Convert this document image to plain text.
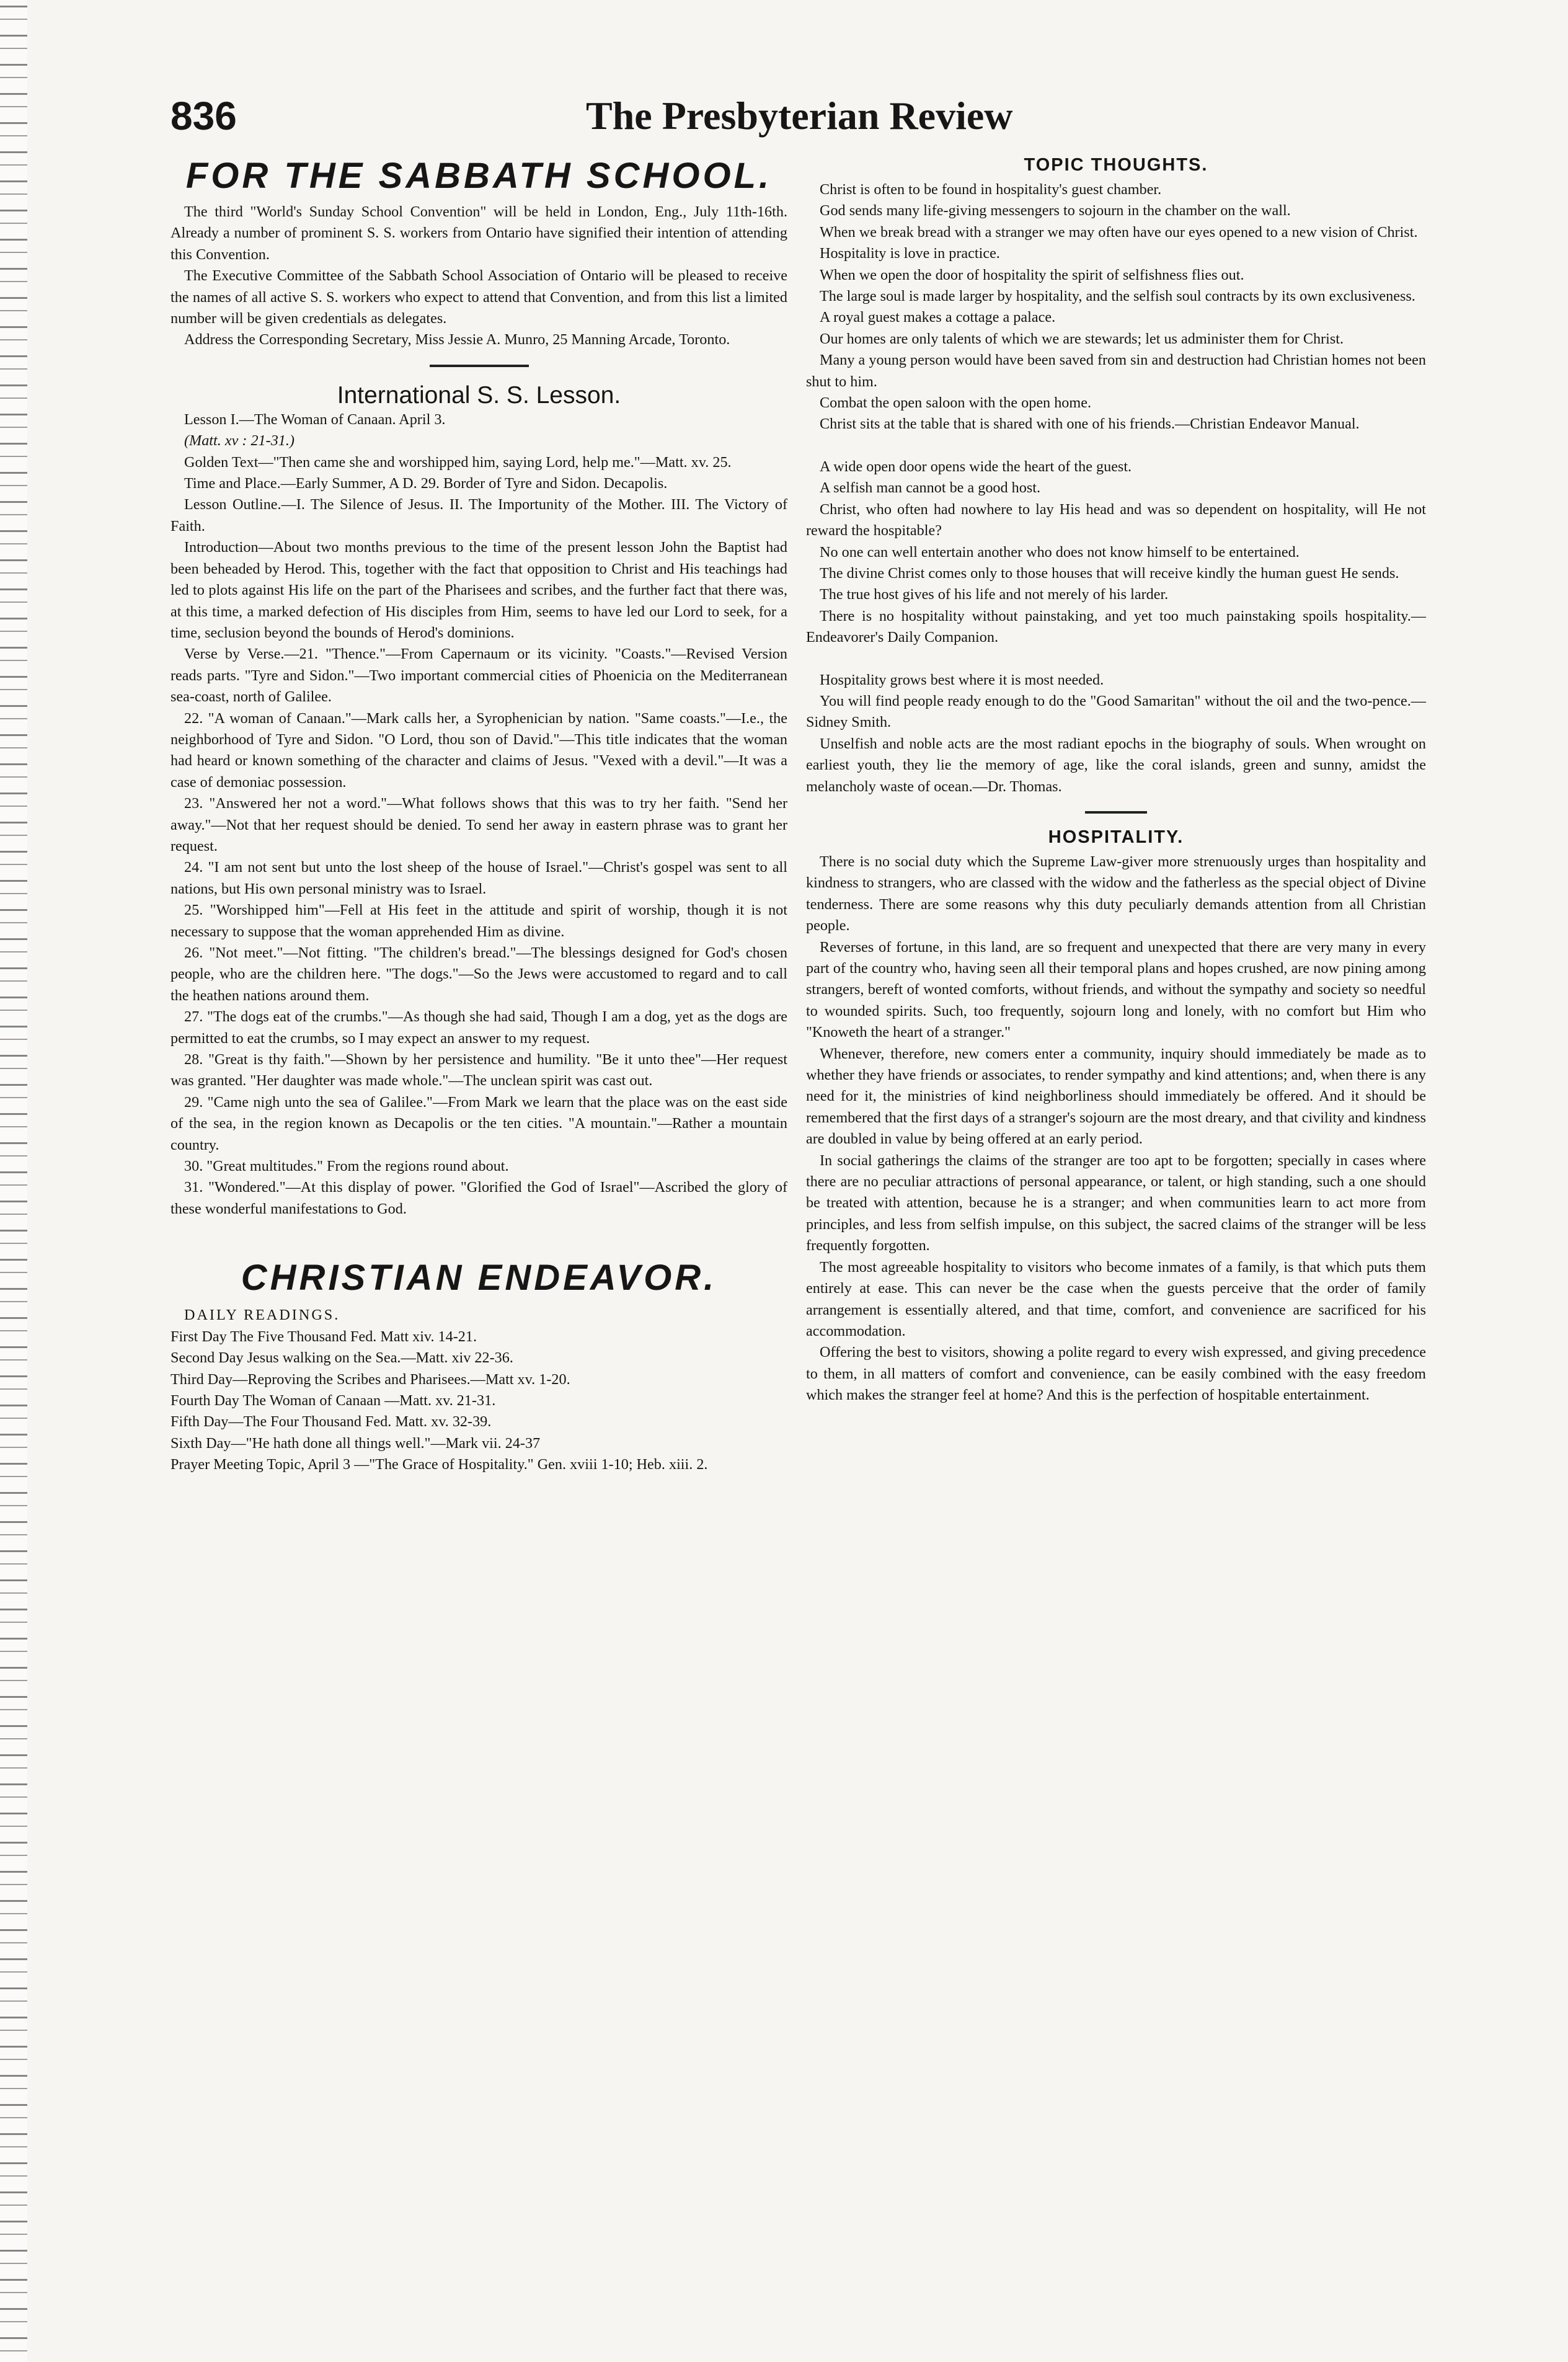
836	The Presbyterian Review
FOR THE SABBATH SCHOOL.

The third "World's Sunday School Convention" will be held in London, Eng., July 11th-16th. Already a number of prominent S. S. workers from Ontario have signified their intention of attending this Convention.

The Executive Committee of the Sabbath School Association of Ontario will be pleased to receive the names of all active S. S. workers who expect to attend that Convention, and from this list a limited number will be given credentials as delegates.

Address the Corresponding Secretary, Miss Jessie A. Munro, 25 Manning Arcade, Toronto.

International S. S. Lesson.

Lesson I.—The Woman of Canaan. April 3.

(Matt. xv : 21-31.)

Golden Text—"Then came she and worshipped him, saying Lord, help me."—Matt. xv. 25.

Time and Place.—Early Summer, A D. 29. Border of Tyre and Sidon. Decapolis.

Lesson Outline.—I. The Silence of Jesus. II. The Importunity of the Mother. III. The Victory of Faith.

Introduction—About two months previous to the time of the present lesson John the Baptist had been beheaded by Herod. This, together with the fact that opposition to Christ and His teachings had led to plots against His life on the part of the Pharisees and scribes, and the further fact that there was, at this time, a marked defection of His disciples from Him, seems to have led our Lord to seek, for a time, seclusion beyond the bounds of Herod's dominions.

Verse by Verse.—21. "Thence."—From Capernaum or its vicinity. "Coasts."—Revised Version reads parts. "Tyre and Sidon."—Two important commercial cities of Phoenicia on the Mediterranean sea-coast, north of Galilee.

22. "A woman of Canaan."—Mark calls her, a Syrophenician by nation. "Same coasts."—I.e., the neighborhood of Tyre and Sidon. "O Lord, thou son of David."—This title indicates that the woman had heard or known something of the character and claims of Jesus. "Vexed with a devil."—It was a case of demoniac possession.

23. "Answered her not a word."—What follows shows that this was to try her faith. "Send her away."—Not that her request should be denied. To send her away in eastern phrase was to grant her request.

24. "I am not sent but unto the lost sheep of the house of Israel."—Christ's gospel was sent to all nations, but His own personal ministry was to Israel.

25. "Worshipped him"—Fell at His feet in the attitude and spirit of worship, though it is not necessary to suppose that the woman apprehended Him as divine.

26. "Not meet."—Not fitting. "The children's bread."—The blessings designed for God's chosen people, who are the children here. "The dogs."—So the Jews were accustomed to regard and to call the heathen nations around them.

27. "The dogs eat of the crumbs."—As though she had said, Though I am a dog, yet as the dogs are permitted to eat the crumbs, so I may expect an answer to my request.

28. "Great is thy faith."—Shown by her persistence and humility. "Be it unto thee"—Her request was granted. "Her daughter was made whole."—The unclean spirit was cast out.

29. "Came nigh unto the sea of Galilee."—From Mark we learn that the place was on the east side of the sea, in the region known as Decapolis or the ten cities. "A mountain."—Rather a mountain country.

30. "Great multitudes." From the regions round about.

31. "Wondered."—At this display of power. "Glorified the God of Israel"—Ascribed the glory of these wonderful manifestations to God.

CHRISTIAN ENDEAVOR.

DAILY READINGS.

First Day The Five Thousand Fed. Matt xiv. 14-21.
Second Day Jesus walking on the Sea.—Matt. xiv 22-36.
Third Day—Reproving the Scribes and Pharisees.—Matt xv. 1-20.
Fourth Day The Woman of Canaan —Matt. xv. 21-31.
Fifth Day—The Four Thousand Fed. Matt. xv. 32-39.
Sixth Day—"He hath done all things well."—Mark vii. 24-37
Prayer Meeting Topic, April 3 —"The Grace of Hospitality." Gen. xviii 1-10; Heb. xiii. 2.
TOPIC THOUGHTS.

Christ is often to be found in hospitality's guest chamber.

God sends many life-giving messengers to sojourn in the chamber on the wall.

When we break bread with a stranger we may often have our eyes opened to a new vision of Christ.

Hospitality is love in practice.

When we open the door of hospitality the spirit of selfishness flies out.

The large soul is made larger by hospitality, and the selfish soul contracts by its own exclusiveness.

A royal guest makes a cottage a palace.

Our homes are only talents of which we are stewards; let us administer them for Christ.

Many a young person would have been saved from sin and destruction had Christian homes not been shut to him.

Combat the open saloon with the open home.

Christ sits at the table that is shared with one of his friends.—Christian Endeavor Manual.

A wide open door opens wide the heart of the guest.

A selfish man cannot be a good host.

Christ, who often had nowhere to lay His head and was so dependent on hospitality, will He not reward the hospitable?

No one can well entertain another who does not know himself to be entertained.

The divine Christ comes only to those houses that will receive kindly the human guest He sends.

The true host gives of his life and not merely of his larder.

There is no hospitality without painstaking, and yet too much painstaking spoils hospitality.—Endeavorer's Daily Companion.

Hospitality grows best where it is most needed.

You will find people ready enough to do the "Good Samaritan" without the oil and the two-pence.—Sidney Smith.

Unselfish and noble acts are the most radiant epochs in the biography of souls. When wrought on earliest youth, they lie the memory of age, like the coral islands, green and sunny, amidst the melancholy waste of ocean.—Dr. Thomas.

HOSPITALITY.

There is no social duty which the Supreme Law-giver more strenuously urges than hospitality and kindness to strangers, who are classed with the widow and the fatherless as the special object of Divine tenderness. There are some reasons why this duty peculiarly demands attention from all Christian people.

Reverses of fortune, in this land, are so frequent and unexpected that there are very many in every part of the country who, having seen all their temporal plans and hopes crushed, are now pining among strangers, bereft of wonted comforts, without friends, and without the sympathy and society so needful to wounded spirits. Such, too frequently, sojourn long and lonely, with no comfort but Him who "Knoweth the heart of a stranger."

Whenever, therefore, new comers enter a community, inquiry should immediately be made as to whether they have friends or associates, to render sympathy and kind attentions; and, when there is any need for it, the ministries of kind neighborliness should immediately be offered. And it should be remembered that the first days of a stranger's sojourn are the most dreary, and that civility and kindness are doubled in value by being offered at an early period.

In social gatherings the claims of the stranger are too apt to be forgotten; specially in cases where there are no peculiar attractions of personal appearance, or talent, or high standing, such a one should be treated with attention, because he is a stranger; and when communities learn to act more from principles, and less from selfish impulse, on this subject, the sacred claims of the stranger will be less frequently forgotten.

The most agreeable hospitality to visitors who become inmates of a family, is that which puts them entirely at ease. This can never be the case when the guests perceive that the order of family arrangement is essentially altered, and that time, comfort, and convenience are sacrificed for his accommodation.

Offering the best to visitors, showing a polite regard to every wish expressed, and giving precedence to them, in all matters of comfort and convenience, can be easily combined with the easy freedom which makes the stranger feel at home? And this is the perfection of hospitable entertainment.
